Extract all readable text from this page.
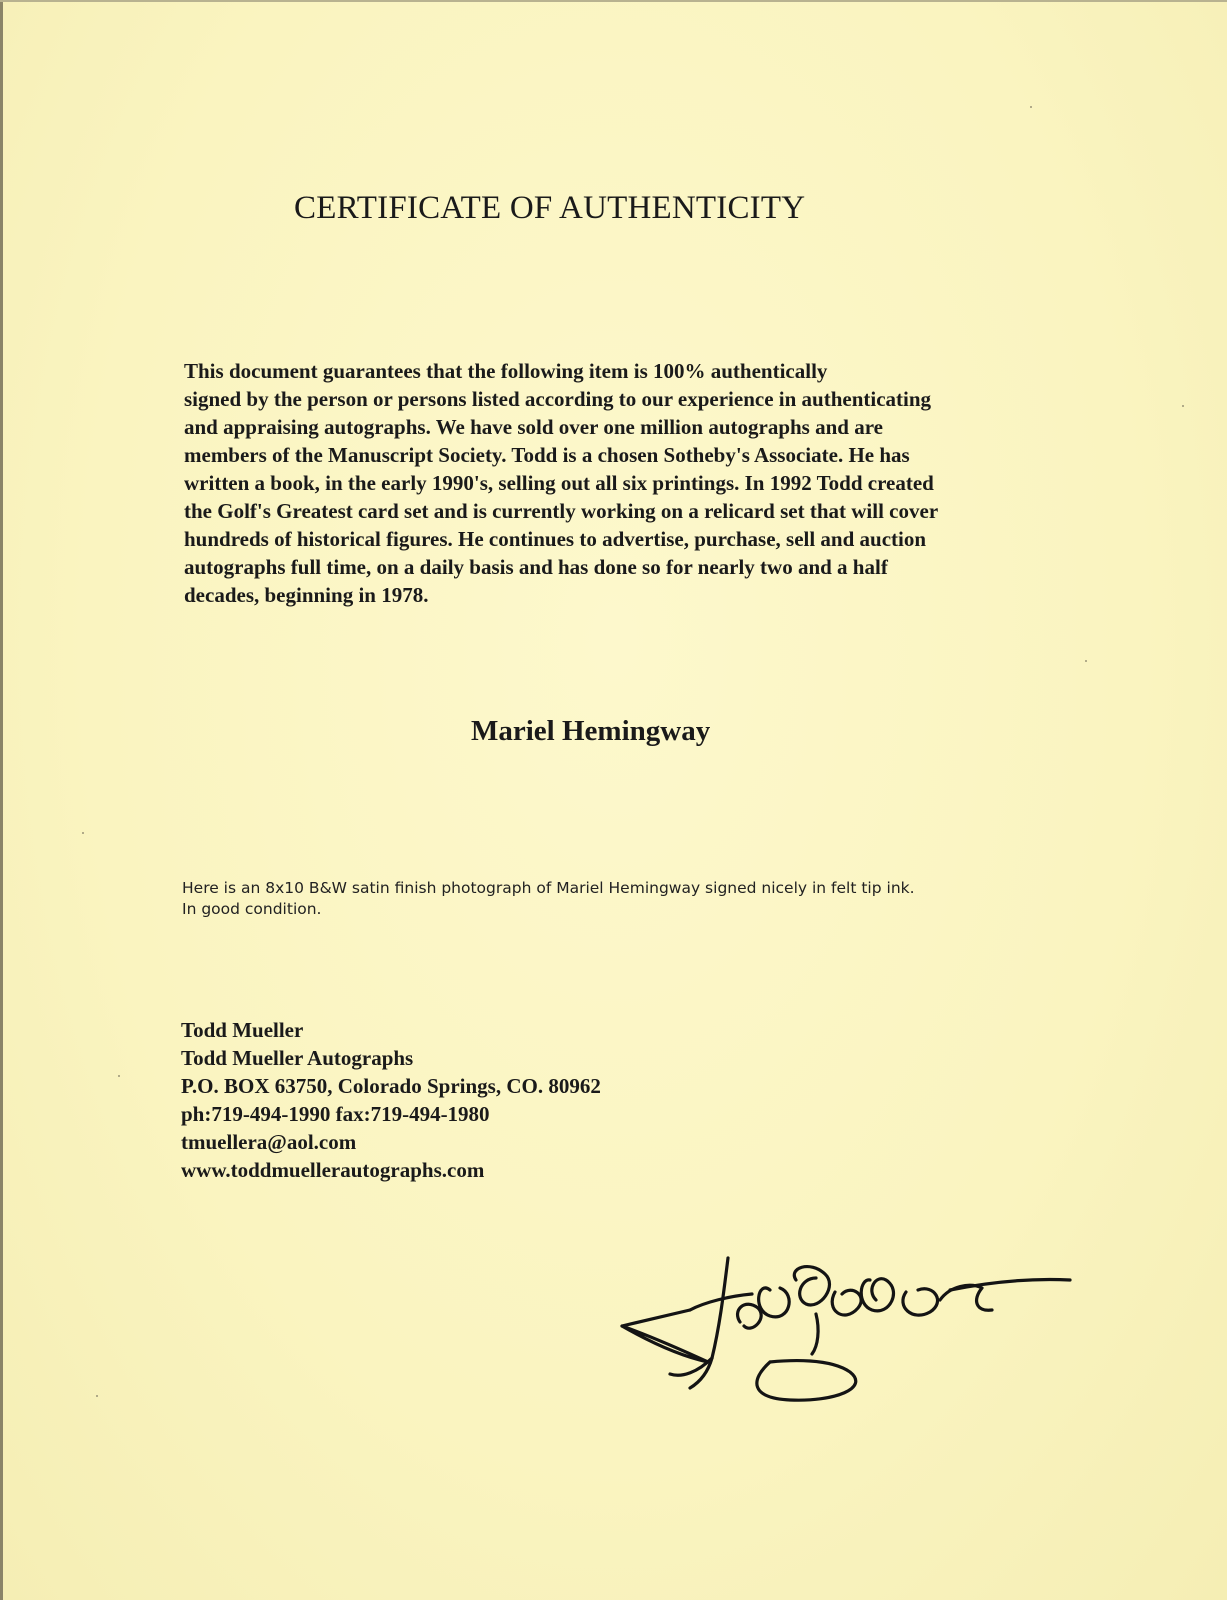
CERTIFICATE OF AUTHENTICITY

This document guarantees that the following item is 100% authentically
signed by the person or persons listed according to our experience in authenticating
and appraising autographs. We have sold over one million autographs and are
members of the Manuscript Society. Todd is a chosen Sotheby's Associate. He has
written a book, in the early 1990's, selling out all six printings. In 1992 Todd created
the Golf's Greatest card set and is currently working on a relicard set that will cover
hundreds of historical figures. He continues to advertise, purchase, sell and auction
autographs full time, on a daily basis and has done so for nearly two and a half
decades, beginning in 1978.

Mariel Hemingway

Here is an 8x10 B&W satin finish photograph of Mariel Hemingway signed nicely in felt tip ink.
In good condition.

Todd Mueller
Todd Mueller Autographs
P.O. BOX 63750, Colorado Springs, CO. 80962
ph:719-494-1990 fax:719-494-1980
tmuellera@aol.com
www.toddmuellerautographs.com
